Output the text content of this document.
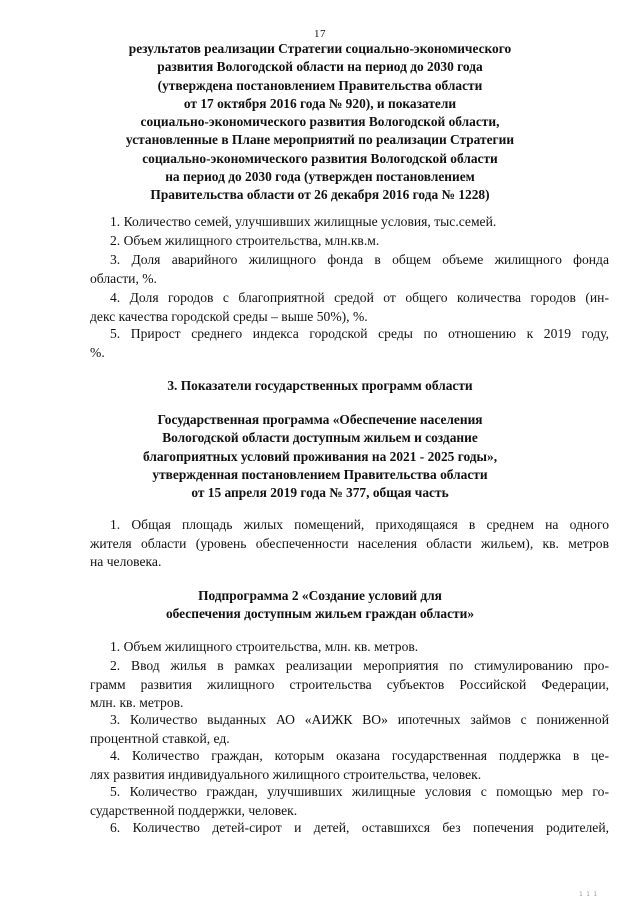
17
результатов реализации Стратегии социально-экономического
развития Вологодской области на период до 2030 года
(утверждена постановлением Правительства области
от 17 октября 2016 года № 920), и показатели
социально-экономического развития Вологодской области,
установленные в Плане мероприятий по реализации Стратегии
социально-экономического развития Вологодской области
на период до 2030 года (утвержден постановлением
Правительства области от 26 декабря 2016 года № 1228)
1. Количество семей, улучшивших жилищные условия, тыс.семей.
2. Объем жилищного строительства, млн.кв.м.
3. Доля аварийного жилищного фонда в общем объеме жилищного фонда
области, %.
4. Доля городов с благоприятной средой от общего количества городов (ин-
декс качества городской среды – выше 50%), %.
5. Прирост среднего индекса городской среды по отношению к 2019 году,
%.
3. Показатели государственных программ области
Государственная программа «Обеспечение населения
Вологодской области доступным жильем и создание
благоприятных условий проживания на 2021 - 2025 годы»,
утвержденная постановлением Правительства области
от 15 апреля 2019 года № 377, общая часть
1. Общая площадь жилых помещений, приходящаяся в среднем на одного
жителя области (уровень обеспеченности населения области жильем), кв. метров
на человека.
Подпрограмма 2 «Создание условий для
обеспечения доступным жильем граждан области»
1. Объем жилищного строительства, млн. кв. метров.
2. Ввод жилья в рамках реализации мероприятия по стимулированию про-
грамм развития жилищного строительства субъектов Российской Федерации,
млн. кв. метров.
3. Количество выданных АО «АИЖК ВО» ипотечных займов с пониженной
процентной ставкой, ед.
4. Количество граждан, которым оказана государственная поддержка в це-
лях развития индивидуального жилищного строительства, человек.
5. Количество граждан, улучшивших жилищные условия с помощью мер го-
сударственной поддержки, человек.
6. Количество детей-сирот и детей, оставшихся без попечения родителей,
1 1 1
